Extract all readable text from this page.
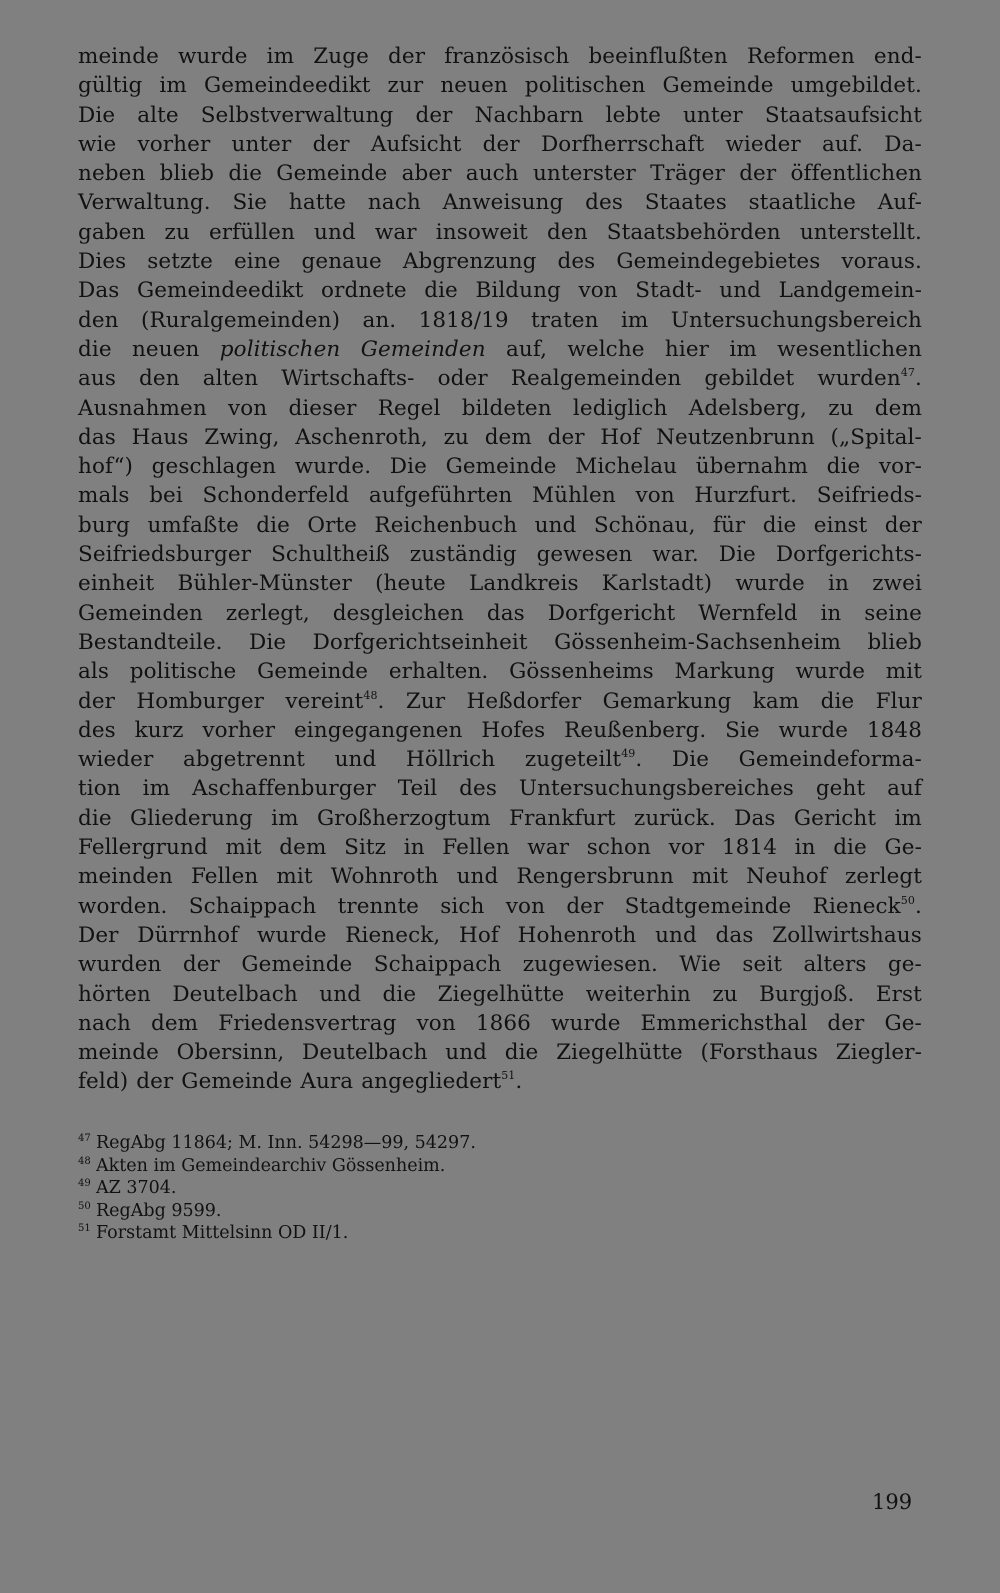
meinde wurde im Zuge der französisch beeinflußten Reformen end-
gültig im Gemeindeedikt zur neuen politischen Gemeinde umgebildet.
Die alte Selbstverwaltung der Nachbarn lebte unter Staatsaufsicht
wie vorher unter der Aufsicht der Dorfherrschaft wieder auf. Da-
neben blieb die Gemeinde aber auch unterster Träger der öffentlichen
Verwaltung. Sie hatte nach Anweisung des Staates staatliche Auf-
gaben zu erfüllen und war insoweit den Staatsbehörden unterstellt.
Dies setzte eine genaue Abgrenzung des Gemeindegebietes voraus.
Das Gemeindeedikt ordnete die Bildung von Stadt- und Landgemein-
den (Ruralgemeinden) an. 1818/19 traten im Untersuchungsbereich
die neuen politischen Gemeinden auf, welche hier im wesentlichen
aus den alten Wirtschafts- oder Realgemeinden gebildet wurden$^{47}$.
Ausnahmen von dieser Regel bildeten lediglich Adelsberg, zu dem
das Haus Zwing, Aschenroth, zu dem der Hof Neutzenbrunn („Spital-
hof“) geschlagen wurde. Die Gemeinde Michelau übernahm die vor-
mals bei Schonderfeld aufgeführten Mühlen von Hurzfurt. Seifrieds-
burg umfaßte die Orte Reichenbuch und Schönau, für die einst der
Seifriedsburger Schultheiß zuständig gewesen war. Die Dorfgerichts-
einheit Bühler-Münster (heute Landkreis Karlstadt) wurde in zwei
Gemeinden zerlegt, desgleichen das Dorfgericht Wernfeld in seine
Bestandteile. Die Dorfgerichtseinheit Gössenheim-Sachsenheim blieb
als politische Gemeinde erhalten. Gössenheims Markung wurde mit
der Homburger vereint$^{48}$. Zur Heßdorfer Gemarkung kam die Flur
des kurz vorher eingegangenen Hofes Reußenberg. Sie wurde 1848
wieder abgetrennt und Höllrich zugeteilt$^{49}$. Die Gemeindeforma-
tion im Aschaffenburger Teil des Untersuchungsbereiches geht auf
die Gliederung im Großherzogtum Frankfurt zurück. Das Gericht im
Fellergrund mit dem Sitz in Fellen war schon vor 1814 in die Ge-
meinden Fellen mit Wohnroth und Rengersbrunn mit Neuhof zerlegt
worden. Schaippach trennte sich von der Stadtgemeinde Rieneck$^{50}$.
Der Dürrnhof wurde Rieneck, Hof Hohenroth und das Zollwirtshaus
wurden der Gemeinde Schaippach zugewiesen. Wie seit alters ge-
hörten Deutelbach und die Ziegelhütte weiterhin zu Burgjoß. Erst
nach dem Friedensvertrag von 1866 wurde Emmerichsthal der Ge-
meinde Obersinn, Deutelbach und die Ziegelhütte (Forsthaus Ziegler-
feld) der Gemeinde Aura angegliedert$^{51}$.
47 RegAbg 11864; M. Inn. 54298—99, 54297.
48 Akten im Gemeindearchiv Gössenheim.
49 AZ 3704.
50 RegAbg 9599.
51 Forstamt Mittelsinn OD II/1.
199
